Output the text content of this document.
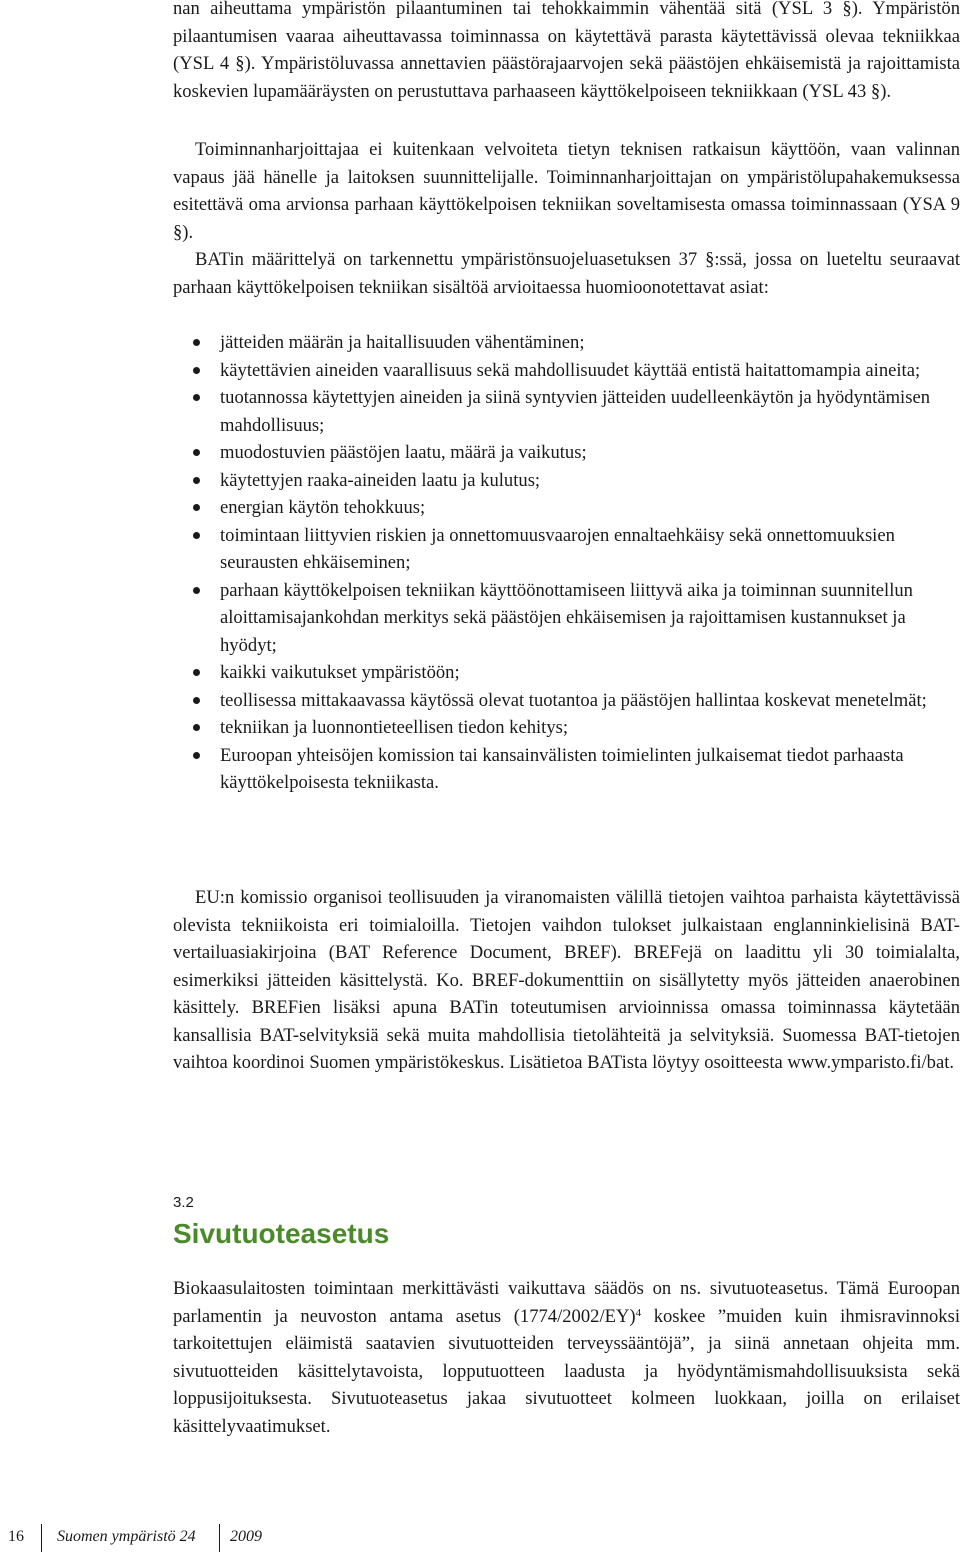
nan aiheuttama ympäristön pilaantuminen tai tehokkaimmin vähentää sitä (YSL 3 §). Ympäristön pilaantumisen vaaraa aiheuttavassa toiminnassa on käytettävä parasta käytettävissä olevaa tekniikkaa (YSL 4 §). Ympäristöluvassa annettavien päästörajaarvojen sekä päästöjen ehkäisemistä ja rajoittamista koskevien lupamääräysten on perustuttava parhaaseen käyttökelpoiseen tekniikkaan (YSL 43 §).

Toiminnanharjoittajaa ei kuitenkaan velvoiteta tietyn teknisen ratkaisun käyttöön, vaan valinnan vapaus jää hänelle ja laitoksen suunnittelijalle. Toiminnanharjoittajan on ympäristölupahakemuksessa esitettävä oma arvionsa parhaan käyttökelpoisen tekniikan soveltamisesta omassa toiminnassaan (YSA 9 §).

BATin määrittelyä on tarkennettu ympäristönsuojeluasetuksen 37 §:ssä, jossa on lueteltu seuraavat parhaan käyttökelpoisen tekniikan sisältöä arvioitaessa huomioonotettavat asiat:

jätteiden määrän ja haitallisuuden vähentäminen;
käytettävien aineiden vaarallisuus sekä mahdollisuudet käyttää entistä haitattomampia aineita;
tuotannossa käytettyjen aineiden ja siinä syntyvien jätteiden uudelleenkäytön ja hyödyntämisen mahdollisuus;
muodostuvien päästöjen laatu, määrä ja vaikutus;
käytettyjen raaka-aineiden laatu ja kulutus;
energian käytön tehokkuus;
toimintaan liittyvien riskien ja onnettomuusvaarojen ennaltaehkäisy sekä onnettomuuksien seurausten ehkäiseminen;
parhaan käyttökelpoisen tekniikan käyttöönottamiseen liittyvä aika ja toiminnan suunnitellun aloittamisajankohdan merkitys sekä päästöjen ehkäisemisen ja rajoittamisen kustannukset ja hyödyt;
kaikki vaikutukset ympäristöön;
teollisessa mittakaavassa käytössä olevat tuotantoa ja päästöjen hallintaa koskevat menetelmät;
tekniikan ja luonnontieteellisen tiedon kehitys;
Euroopan yhteisöjen komission tai kansainvälisten toimielinten julkaisemat tiedot parhaasta käyttökelpoisesta tekniikasta.

EU:n komissio organisoi teollisuuden ja viranomaisten välillä tietojen vaihtoa parhaista käytettävissä olevista tekniikoista eri toimialoilla. Tietojen vaihdon tulokset julkaistaan englanninkielisinä BAT-vertailuasiakirjoina (BAT Reference Document, BREF). BREFejä on laadittu yli 30 toimialalta, esimerkiksi jätteiden käsittelystä. Ko. BREF-dokumenttiin on sisällytetty myös jätteiden anaerobinen käsittely. BREFien lisäksi apuna BATin toteutumisen arvioinnissa omassa toiminnassa käytetään kansallisia BAT-selvityksiä sekä muita mahdollisia tietolähteitä ja selvityksiä. Suomessa BAT-tietojen vaihtoa koordinoi Suomen ympäristökeskus. Lisätietoa BATista löytyy osoitteesta www.ymparisto.fi/bat.

3.2
Sivutuoteasetus

Biokaasulaitosten toimintaan merkittävästi vaikuttava säädös on ns. sivutuoteasetus. Tämä Euroopan parlamentin ja neuvoston antama asetus $(1774/2002/EY)^4$ koskee ”muiden kuin ihmisravinnoksi tarkoitettujen eläimistä saatavien sivutuotteiden terveyssääntöjä”, ja siinä annetaan ohjeita mm. sivutuotteiden käsittelytavoista, lopputuotteen laadusta ja hyödyntämismahdollisuuksista sekä loppusijoituksesta. Sivutuoteasetus jakaa sivutuotteet kolmeen luokkaan, joilla on erilaiset käsittelyvaatimukset.

16 Suomen ympäristö 24 2009
